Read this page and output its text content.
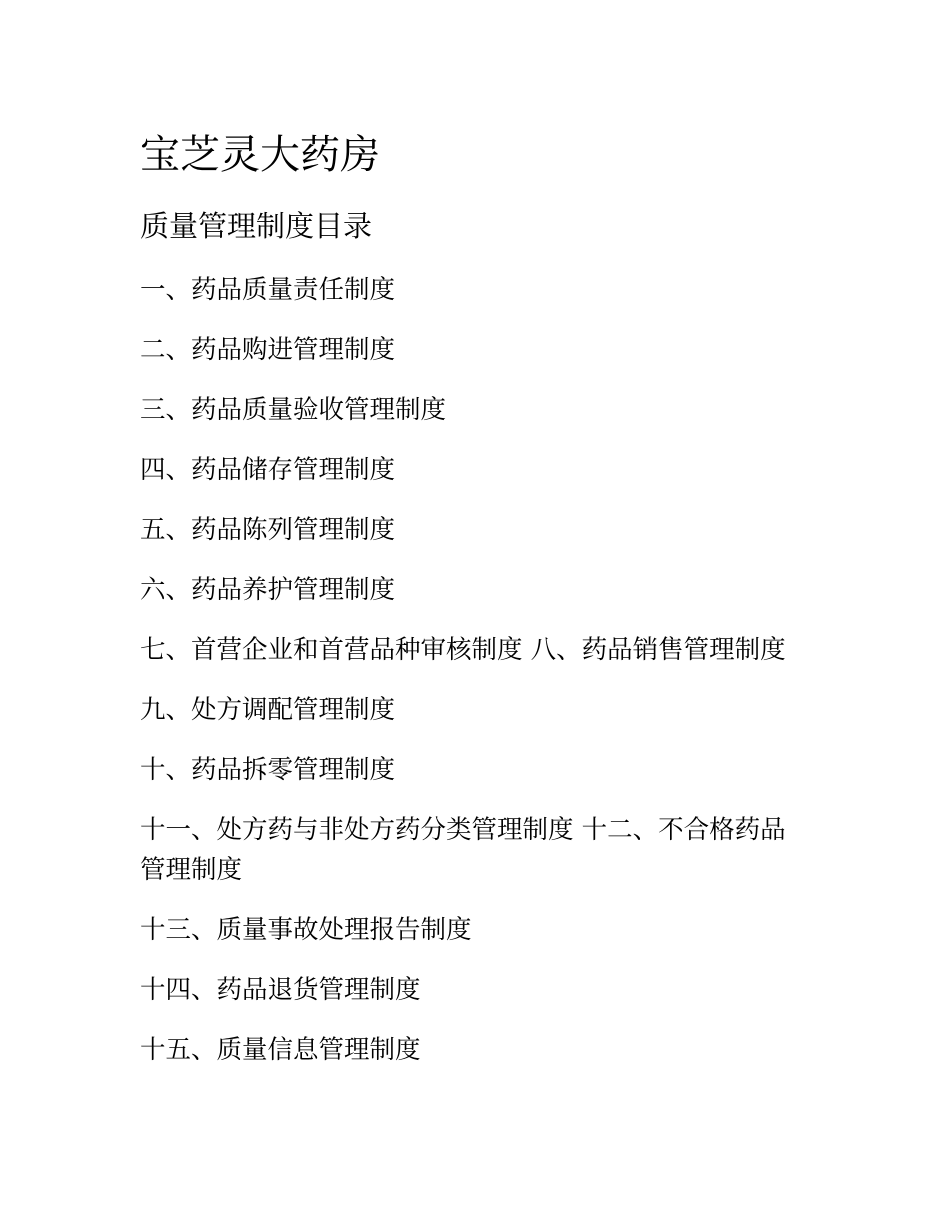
宝芝灵大药房
质量管理制度目录
一、药品质量责任制度
二、药品购进管理制度
三、药品质量验收管理制度
四、药品储存管理制度
五、药品陈列管理制度
六、药品养护管理制度
七、首营企业和首营品种审核制度 八、药品销售管理制度
九、处方调配管理制度
十、药品拆零管理制度
十一、处方药与非处方药分类管理制度 十二、不合格药品管理制度
十三、质量事故处理报告制度
十四、药品退货管理制度
十五、质量信息管理制度
